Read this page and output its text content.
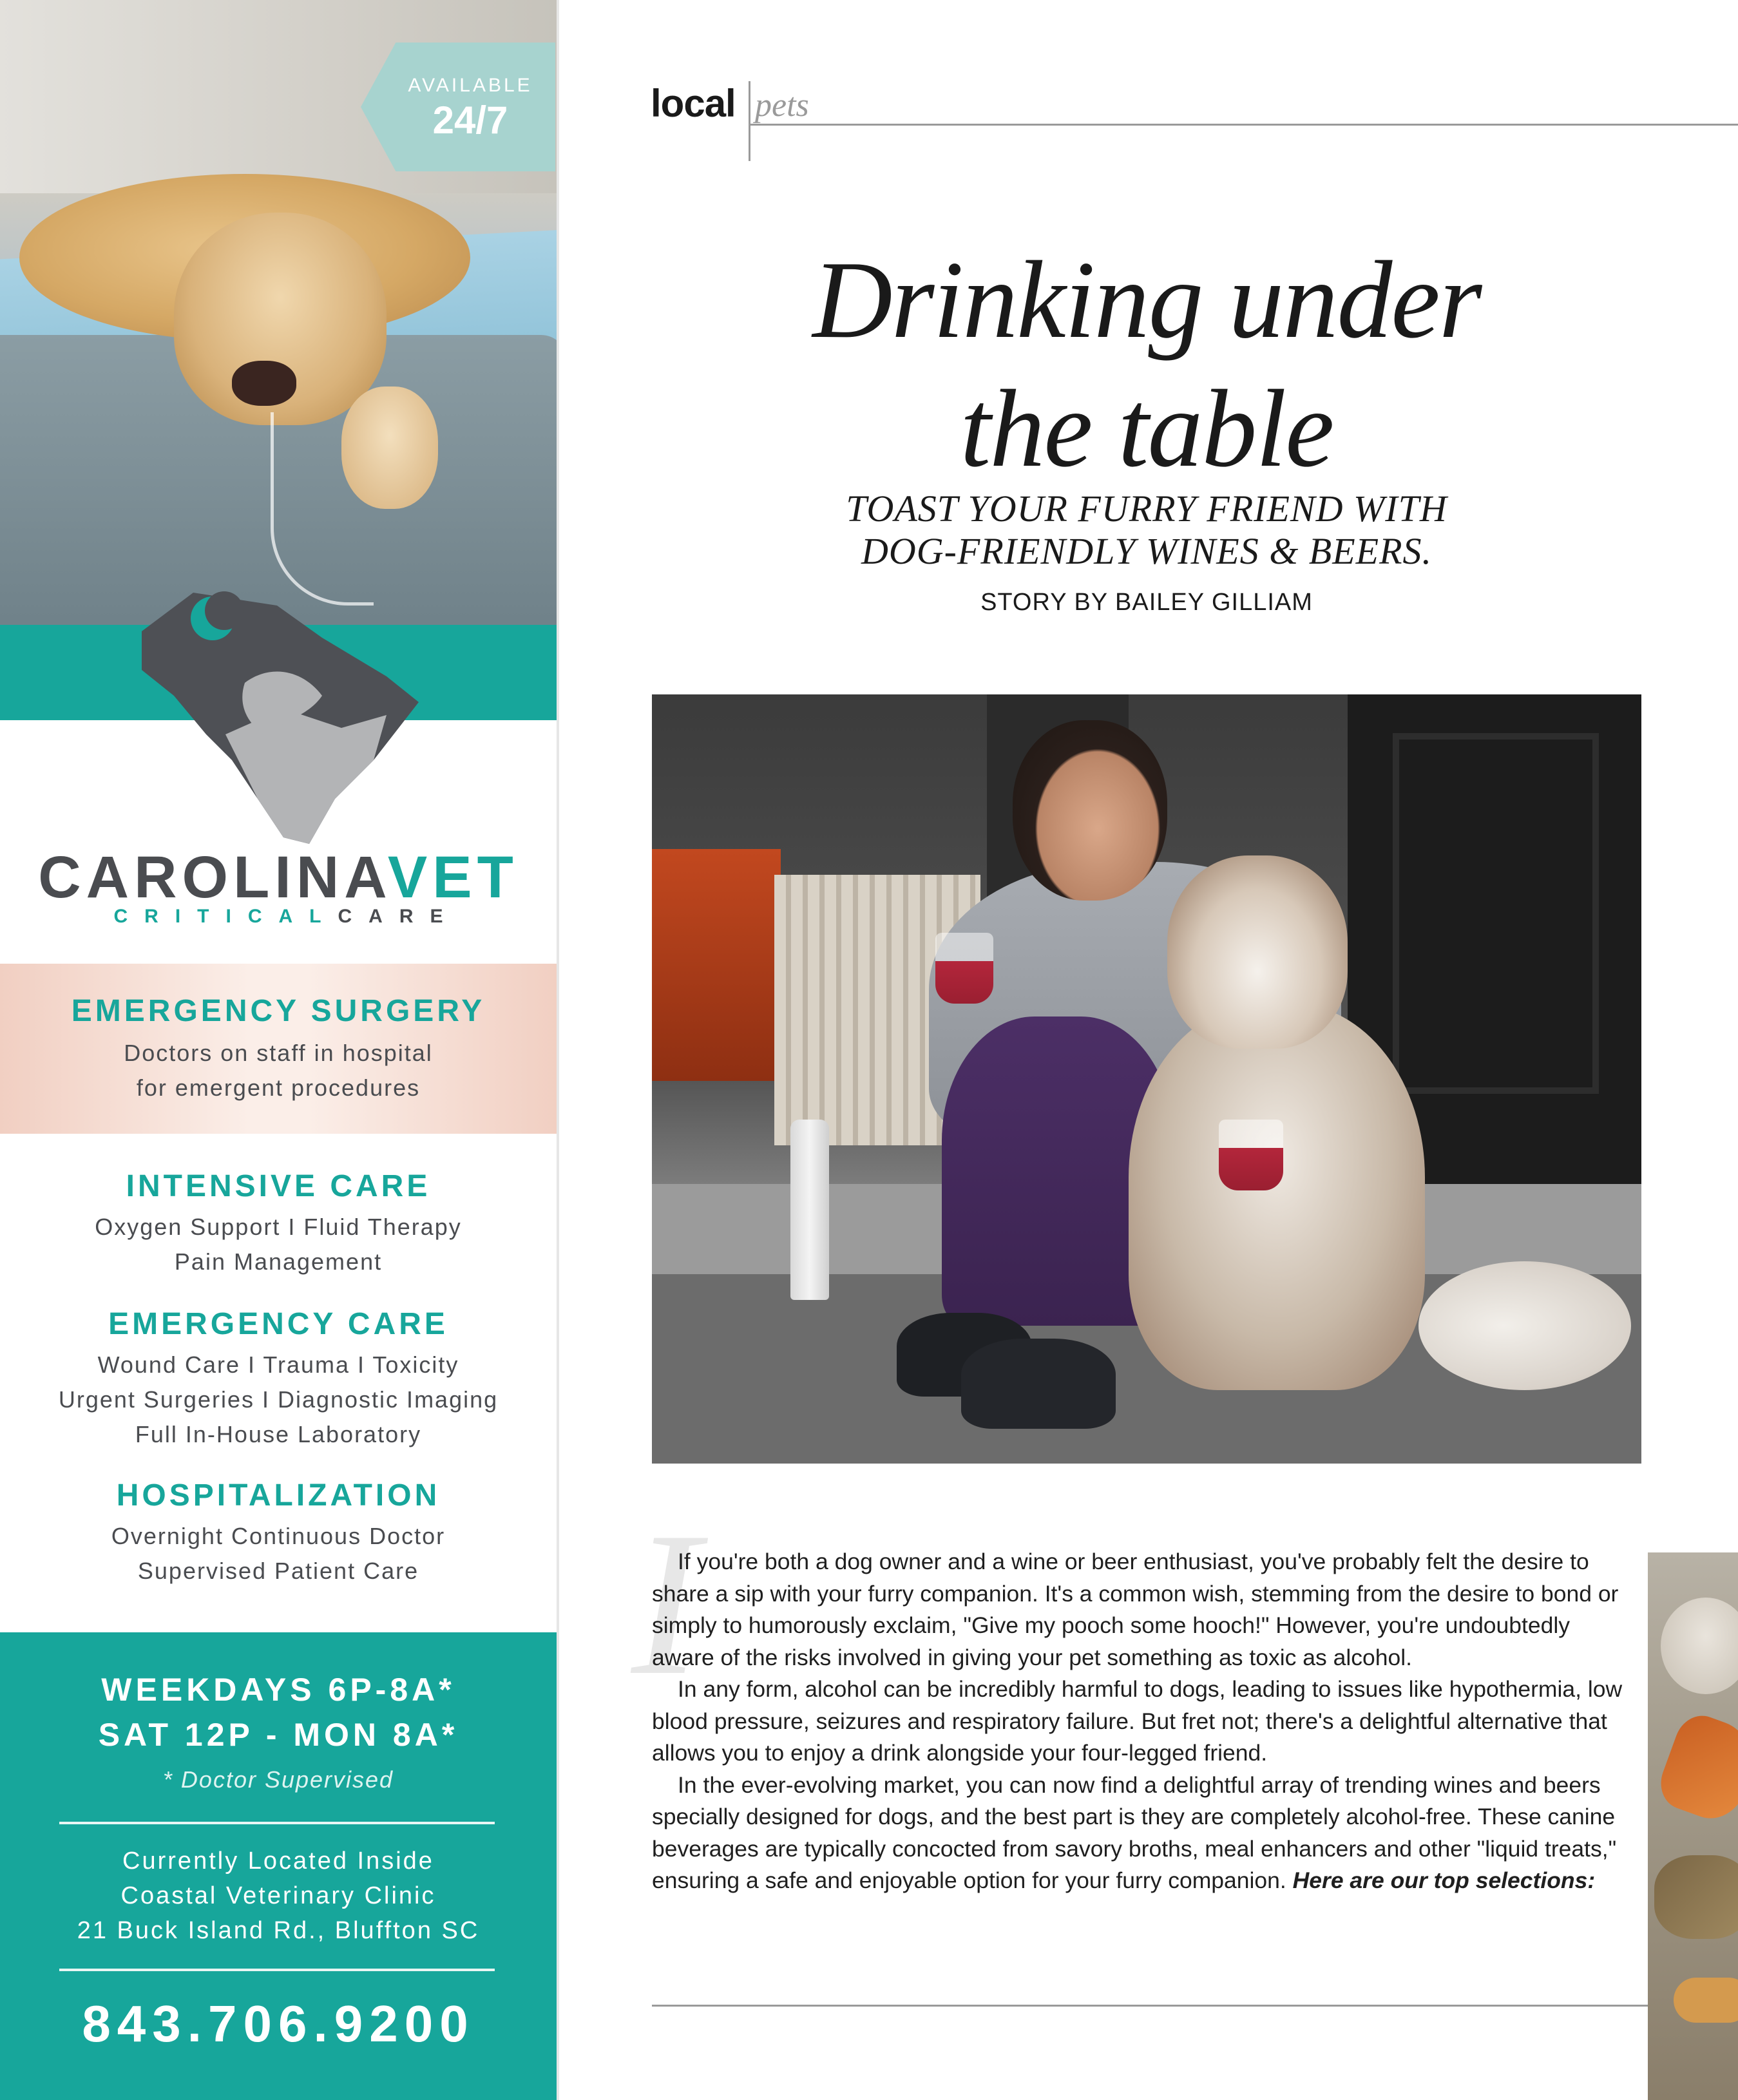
AVAILABLE
24/7
CAROLINAVET
CRITICALCARE
EMERGENCY SURGERY
Doctors on staff in hospital
for emergent procedures
INTENSIVE CARE
Oxygen Support I Fluid Therapy
Pain Management
EMERGENCY CARE
Wound Care I Trauma I Toxicity
Urgent Surgeries I Diagnostic Imaging
Full In-House Laboratory
HOSPITALIZATION
Overnight Continuous Doctor
Supervised Patient Care
WEEKDAYS 6P-8A*
SAT 12P - MON 8A*
* Doctor Supervised
Currently Located Inside
Coastal Veterinary Clinic
21 Buck Island Rd., Bluffton SC
843.706.9200
local pets
Drinking under
the table
TOAST YOUR FURRY FRIEND WITH
DOG-FRIENDLY WINES & BEERS.
STORY BY BAILEY GILLIAM
I

If you're both a dog owner and a wine or beer enthusiast, you've probably felt the desire to share a sip with your furry companion. It's a common wish, stemming from the desire to bond or simply to humorously exclaim, "Give my pooch some hooch!" However, you're undoubtedly aware of the risks involved in giving your pet something as toxic as alcohol.

In any form, alcohol can be incredibly harmful to dogs, leading to issues like hypothermia, low blood pressure, seizures and respiratory failure. But fret not; there's a delightful alternative that allows you to enjoy a drink alongside your four-legged friend.

In the ever-evolving market, you can now find a delightful array of trending wines and beers specially designed for dogs, and the best part is they are completely alcohol-free. These canine beverages are typically concocted from savory broths, meal enhancers and other "liquid treats," ensuring a safe and enjoyable option for your furry companion. Here are our top selections:
